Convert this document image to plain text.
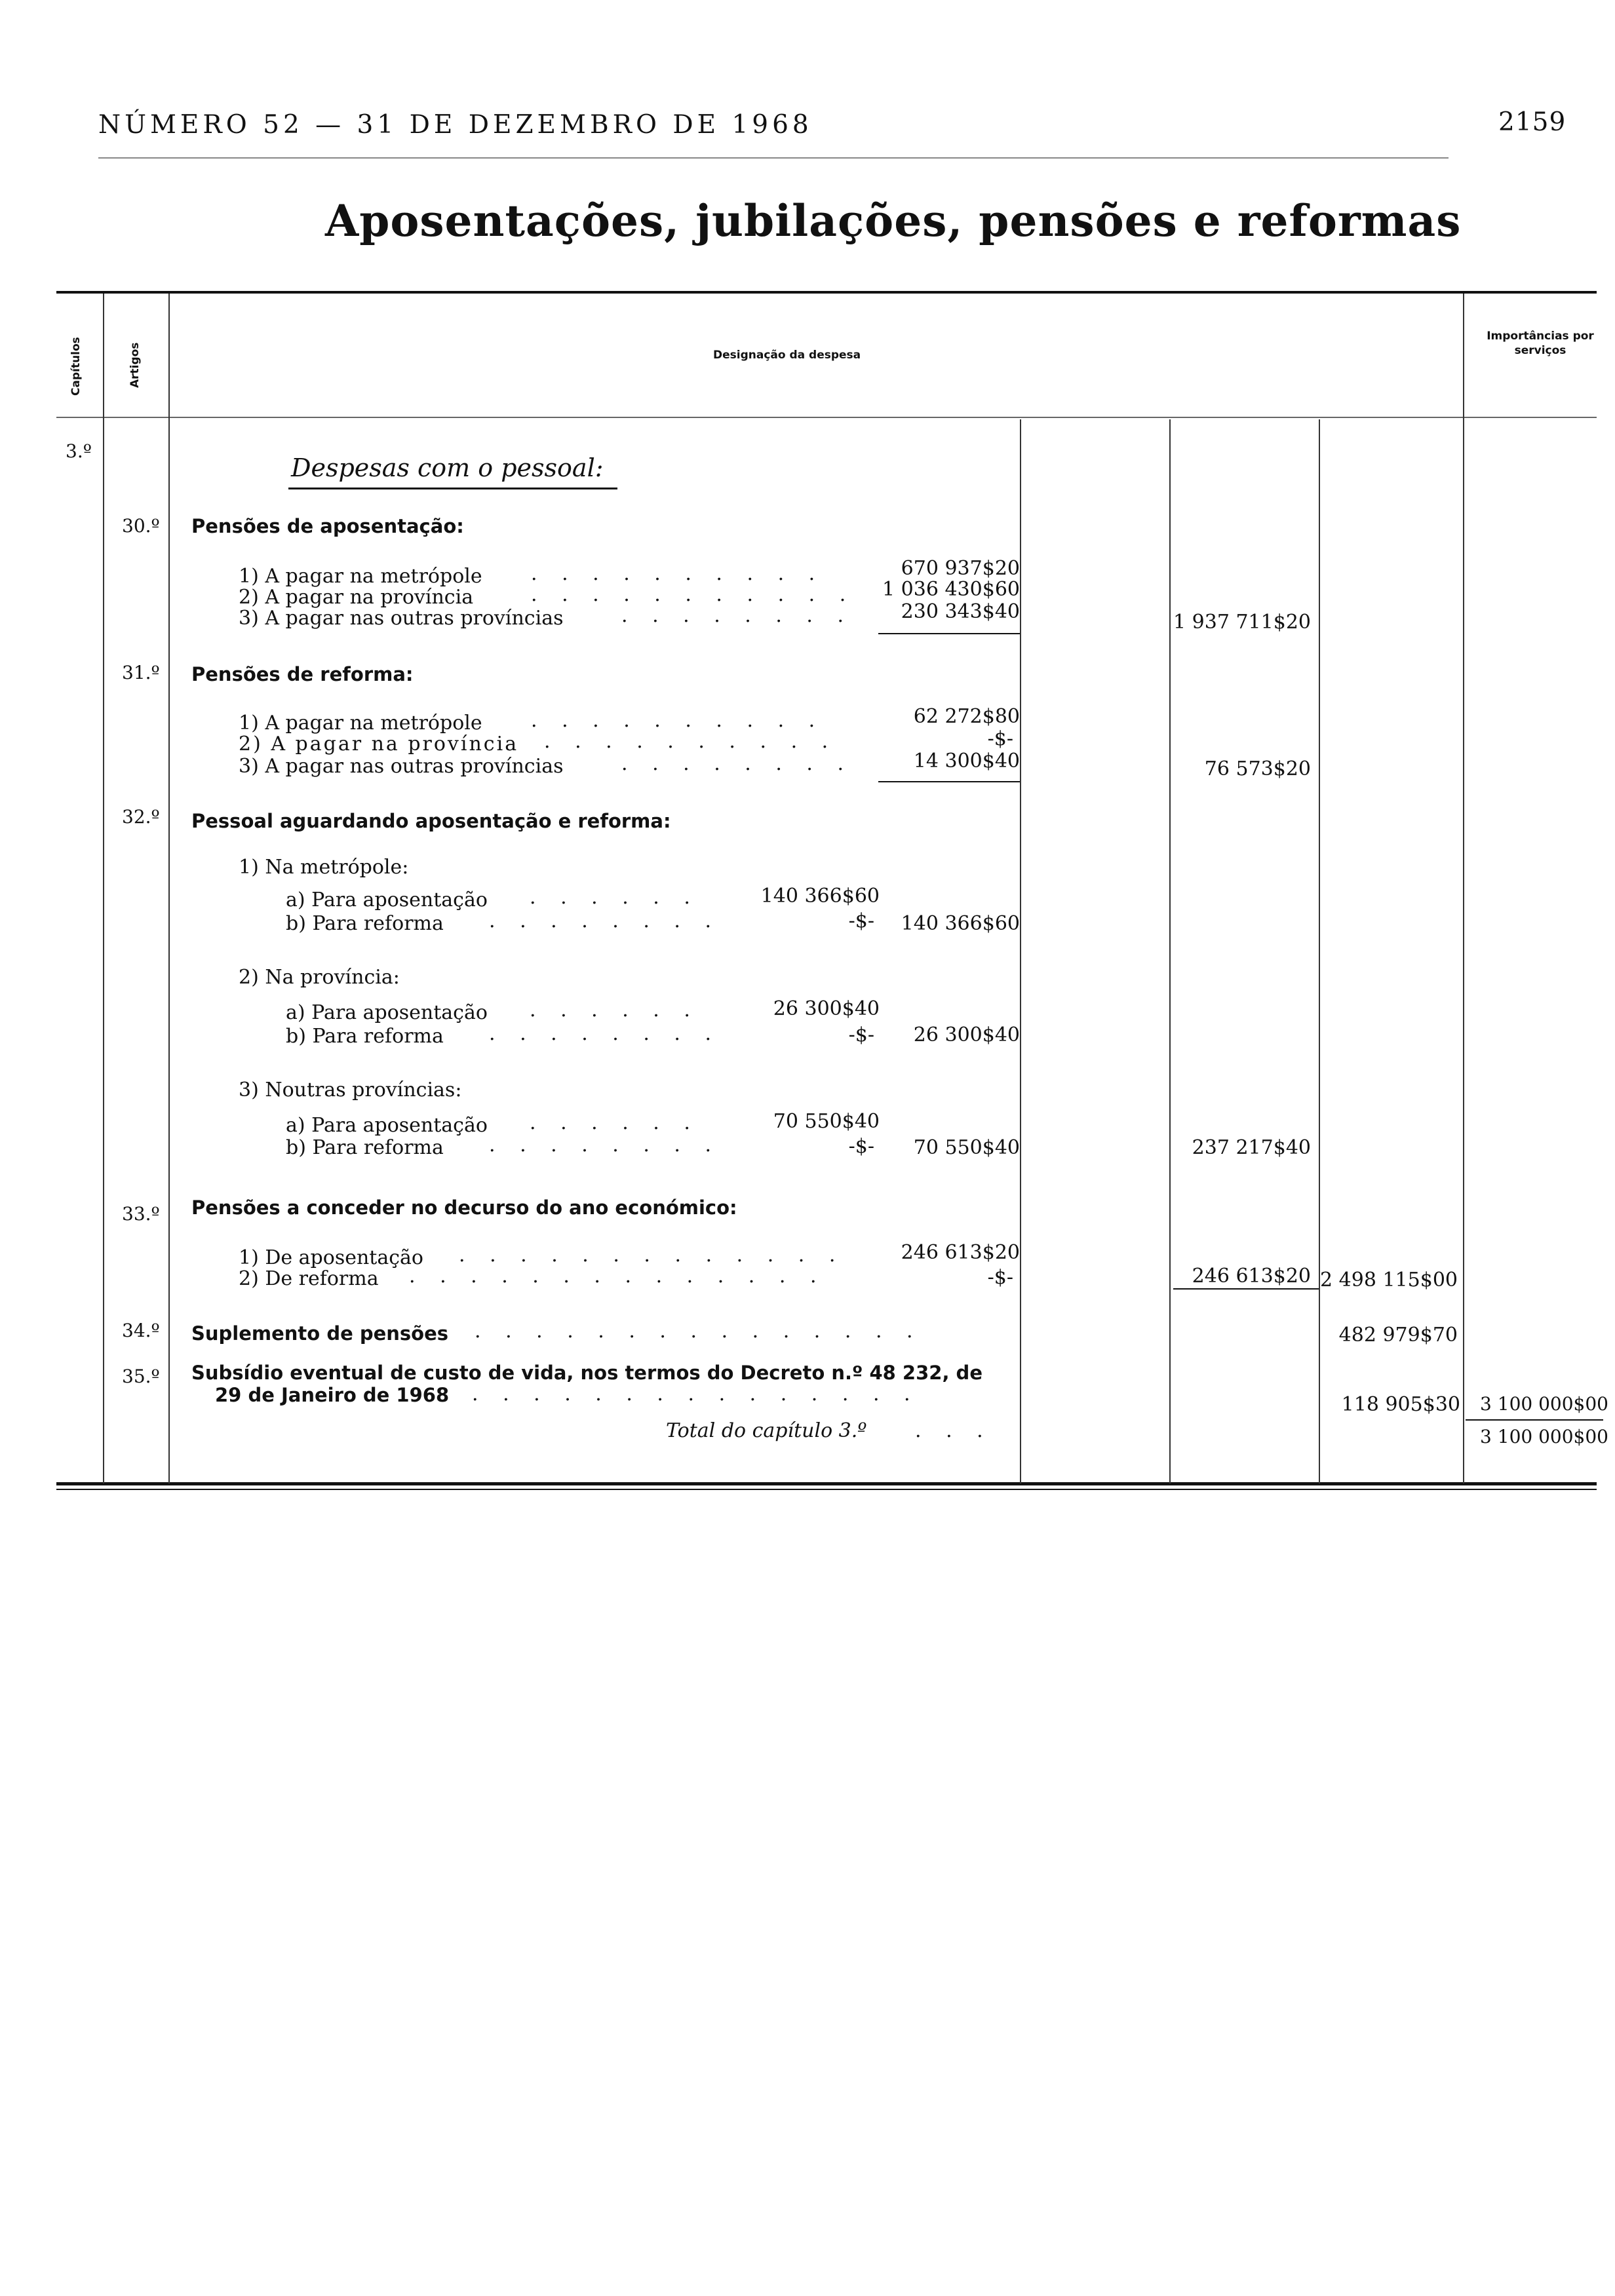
NÚMERO 52 — 31 DE DEZEMBRO DE 1968	2159
Aposentações, jubilações, pensões e reformas
Capítulos	Artigos	Designação da despesa
Importâncias por serviços
3.º
Despesas com o pessoal:
30.º Pensões de aposentação:
1) A pagar na metrópole . . . . . . . . . .	670 937$20
2) A pagar na província	. . . . . . . . . . . 1 036 430$60
3) A pagar nas outras províncias	. . . . . . . . 230 343$40	1 937 711$20
31.º Pensões de reforma:
1) A pagar na metrópole . . . . . . . . . .	62 272$80
2) A pagar na província . . . . . . . . . .	-$-
3) A pagar nas outras províncias	. . . . . . . .	14 300$40	76 573$20
32.º Pessoal aguardando aposentação e reforma:
1) Na metrópole:
a) Para aposentação . . . . . .	140 366$60
b) Para reforma . . . . . . . .	-$- 140 366$60
2) Na província:
a) Para aposentação . . . . . .	26 300$40
b) Para reforma . . . . . . . .	-$- 26 300$40
3) Noutras províncias:
a) Para aposentação . . . . . .	70 550$40
b) Para reforma . . . . . . . .	-$- 70 550$40	237 217$40
33.º Pensões a conceder no decurso do ano económico:
1) De aposentação . . . . . . . . . . . . .	246 613$20
2) De reforma . . . . . . . . . . . . . .	-$-	246 613$20 2 498 115$00
34.º Suplemento de pensões . . . . . . . . . . . . . . .	482 979$70
35.º Subsídio eventual de custo de vida, nos termos do Decreto n.º 48 232, de
29 de Janeiro de 1968 . . . . . . . . . . . . . . .	118 905$30 3 100 000$00
Total do capítulo 3.º . . .	3 100 000$00
